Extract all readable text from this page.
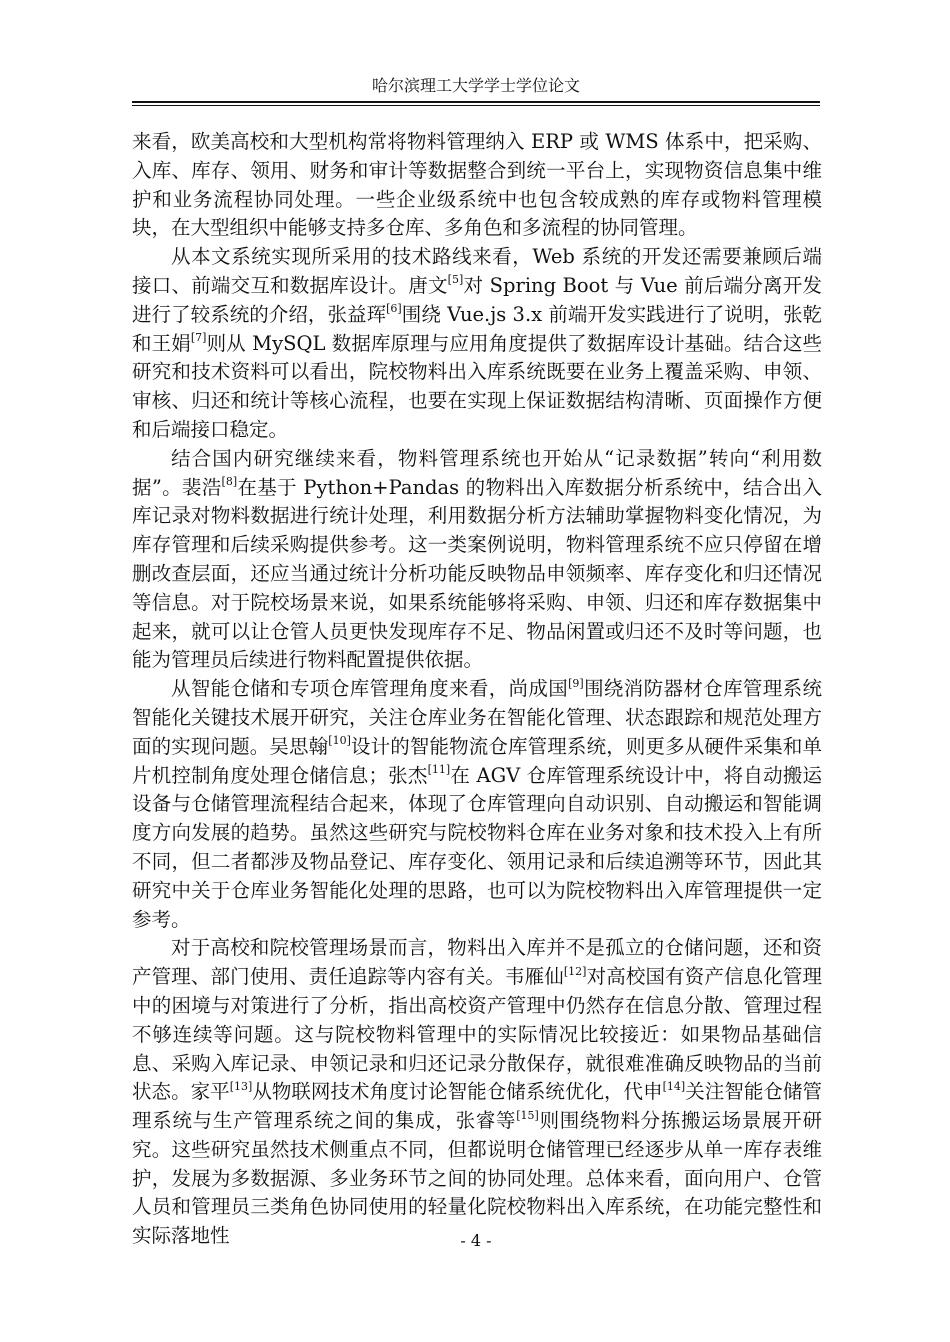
哈尔滨理工大学学士学位论文

来看，欧美高校和大型机构常将物料管理纳入 ERP 或 WMS 体系中，把采购、入库、库存、领用、财务和审计等数据整合到统一平台上，实现物资信息集中维护和业务流程协同处理。一些企业级系统中也包含较成熟的库存或物料管理模块，在大型组织中能够支持多仓库、多角色和多流程的协同管理。

从本文系统实现所采用的技术路线来看，Web 系统的开发还需要兼顾后端接口、前端交互和数据库设计。唐文[5]对 Spring Boot 与 Vue 前后端分离开发进行了较系统的介绍，张益珲[6]围绕 Vue.js 3.x 前端开发实践进行了说明，张乾和王娟[7]则从 MySQL 数据库原理与应用角度提供了数据库设计基础。结合这些研究和技术资料可以看出，院校物料出入库系统既要在业务上覆盖采购、申领、审核、归还和统计等核心流程，也要在实现上保证数据结构清晰、页面操作方便和后端接口稳定。

结合国内研究继续来看，物料管理系统也开始从“记录数据”转向“利用数据”。裴浩[8]在基于 Python+Pandas 的物料出入库数据分析系统中，结合出入库记录对物料数据进行统计处理，利用数据分析方法辅助掌握物料变化情况，为库存管理和后续采购提供参考。这一类案例说明，物料管理系统不应只停留在增删改查层面，还应当通过统计分析功能反映物品申领频率、库存变化和归还情况等信息。对于院校场景来说，如果系统能够将采购、申领、归还和库存数据集中起来，就可以让仓管人员更快发现库存不足、物品闲置或归还不及时等问题，也能为管理员后续进行物料配置提供依据。

从智能仓储和专项仓库管理角度来看，尚成国[9]围绕消防器材仓库管理系统智能化关键技术展开研究，关注仓库业务在智能化管理、状态跟踪和规范处理方面的实现问题。吴思翰[10]设计的智能物流仓库管理系统，则更多从硬件采集和单片机控制角度处理仓储信息；张杰[11]在 AGV 仓库管理系统设计中，将自动搬运设备与仓储管理流程结合起来，体现了仓库管理向自动识别、自动搬运和智能调度方向发展的趋势。虽然这些研究与院校物料仓库在业务对象和技术投入上有所不同，但二者都涉及物品登记、库存变化、领用记录和后续追溯等环节，因此其研究中关于仓库业务智能化处理的思路，也可以为院校物料出入库管理提供一定参考。

对于高校和院校管理场景而言，物料出入库并不是孤立的仓储问题，还和资产管理、部门使用、责任追踪等内容有关。韦雁仙[12]对高校国有资产信息化管理中的困境与对策进行了分析，指出高校资产管理中仍然存在信息分散、管理过程不够连续等问题。这与院校物料管理中的实际情况比较接近：如果物品基础信息、采购入库记录、申领记录和归还记录分散保存，就很难准确反映物品的当前状态。家平[13]从物联网技术角度讨论智能仓储系统优化，代申[14]关注智能仓储管理系统与生产管理系统之间的集成，张睿等[15]则围绕物料分拣搬运场景展开研究。这些研究虽然技术侧重点不同，但都说明仓储管理已经逐步从单一库存表维护，发展为多数据源、多业务环节之间的协同处理。总体来看，面向用户、仓管人员和管理员三类角色协同使用的轻量化院校物料出入库系统，在功能完整性和实际落地性	- 4 -
